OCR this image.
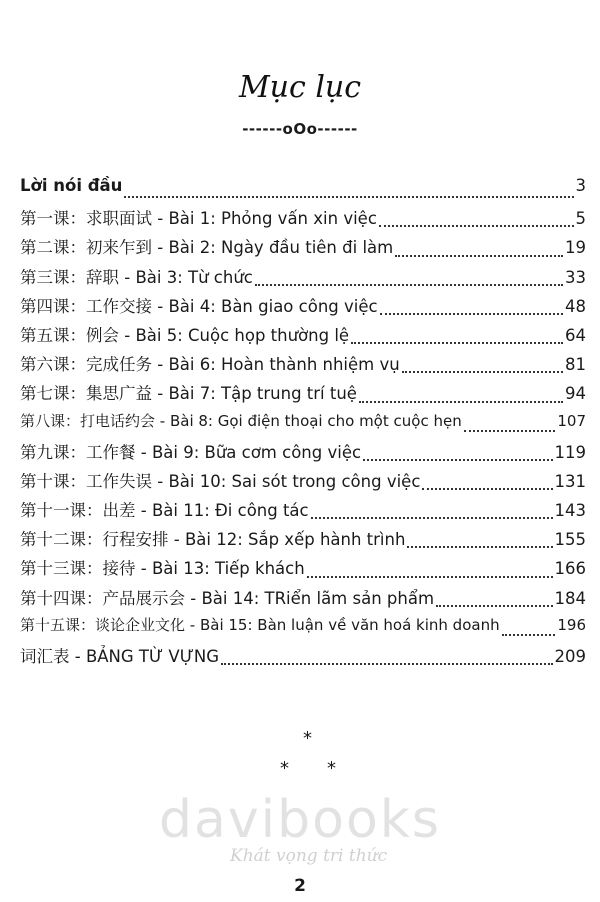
Mục lục
------oOo------
Lời nói đầu	3
第一课：求职面试 - Bài 1: Phỏng vấn xin việc	5
第二课：初来乍到 - Bài 2: Ngày đầu tiên đi làm	19
第三课：辞职 - Bài 3: Từ chức	33
第四课：工作交接 - Bài 4: Bàn giao công việc	48
第五课：例会 - Bài 5: Cuộc họp thường lệ	64
第六课：完成任务 - Bài 6: Hoàn thành nhiệm vụ	81
第七课：集思广益 - Bài 7: Tập trung trí tuệ	94
第八课：打电话约会 - Bài 8: Gọi điện thoại cho một cuộc hẹn	107
第九课：工作餐 - Bài 9: Bữa cơm công việc	119
第十课：工作失误 - Bài 10: Sai sót trong công việc	131
第十一课：出差 - Bài 11: Đi công tác	143
第十二课：行程安排 - Bài 12: Sắp xếp hành trình	155
第十三课：接待 - Bài 13: Tiếp khách	166
第十四课：产品展示会 - Bài 14: TRiển lãm sản phẩm	184
第十五课：谈论企业文化 - Bài 15: Bàn luận về văn hoá kinh doanh	196
词汇表 - BẢNG TỪ VỰNG	209
*
* *
davibooks
Khát vọng tri thức
2
